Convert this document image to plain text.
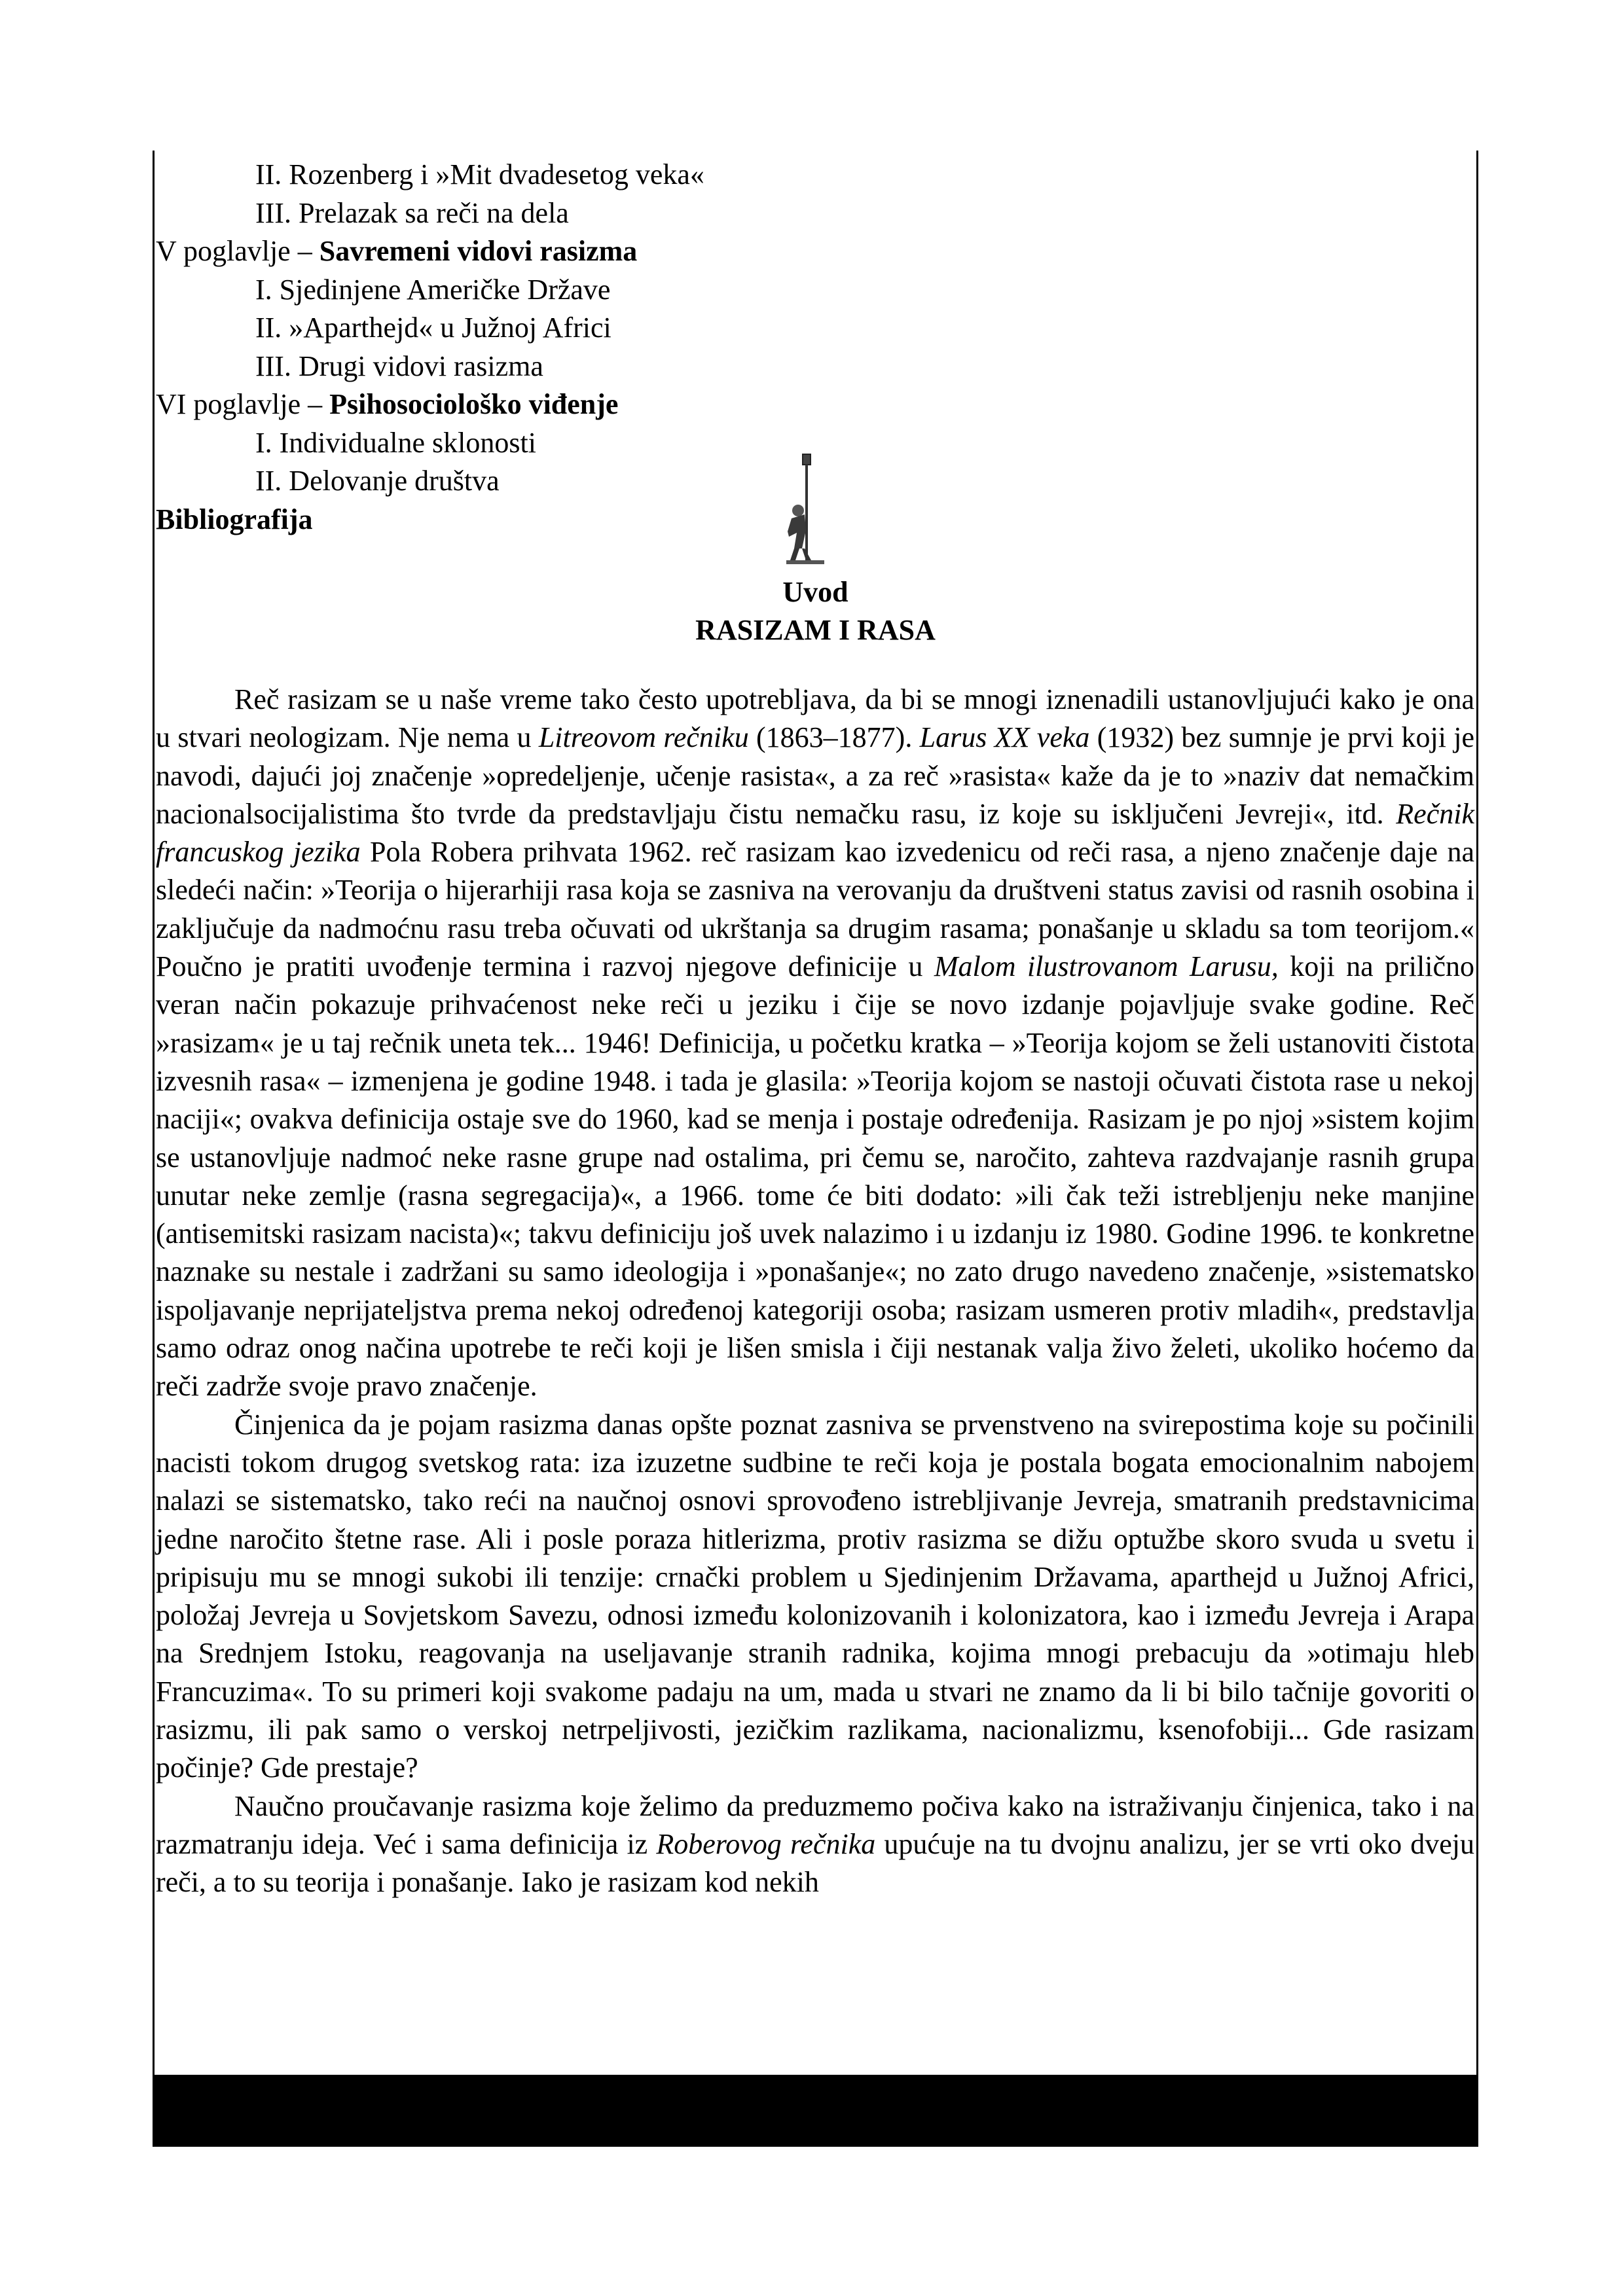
II. Rozenberg i »Mit dvadesetog veka«
III. Prelazak sa reči na dela
V poglavlje – Savremeni vidovi rasizma
I. Sjedinjene Američke Države
II. »Aparthejd« u Južnoj Africi
III. Drugi vidovi rasizma
VI poglavlje – Psihosociološko viđenje
I. Individualne sklonosti
II. Delovanje društva
Bibliografija
Uvod
RASIZAM I RASA

Reč rasizam se u naše vreme tako često upotrebljava, da bi se mnogi iznenadili ustanovljujući kako je ona u stvari neologizam. Nje nema u Litreovom rečniku (1863–1877). Larus XX veka (1932) bez sumnje je prvi koji je navodi, dajući joj značenje »opredeljenje, učenje rasista«, a za reč »rasista« kaže da je to »naziv dat nemačkim nacionalsocijalistima što tvrde da predstavljaju čistu nemačku rasu, iz koje su isključeni Jevreji«, itd. Rečnik francuskog jezika Pola Robera prihvata 1962. reč rasizam kao izvedenicu od reči rasa, a njeno značenje daje na sledeći način: »Teorija o hijerarhiji rasa koja se zasniva na verovanju da društveni status zavisi od rasnih osobina i zaključuje da nadmoćnu rasu treba očuvati od ukrštanja sa drugim rasama; ponašanje u skladu sa tom teorijom.« Poučno je pratiti uvođenje termina i razvoj njegove definicije u Malom ilustrovanom Larusu, koji na prilično veran način pokazuje prihvaćenost neke reči u jeziku i čije se novo izdanje pojavljuje svake godine. Reč »rasizam« je u taj rečnik uneta tek... 1946! Definicija, u početku kratka – »Teorija kojom se želi ustanoviti čistota izvesnih rasa« – izmenjena je godine 1948. i tada je glasila: »Teorija kojom se nastoji očuvati čistota rase u nekoj naciji«; ovakva definicija ostaje sve do 1960, kad se menja i postaje određenija. Rasizam je po njoj »sistem kojim se ustanovljuje nadmoć neke rasne grupe nad ostalima, pri čemu se, naročito, zahteva razdvajanje rasnih grupa unutar neke zemlje (rasna segregacija)«, a 1966. tome će biti dodato: »ili čak teži istrebljenju neke manjine (antisemitski rasizam nacista)«; takvu definiciju još uvek nalazimo i u izdanju iz 1980. Godine 1996. te konkretne naznake su nestale i zadržani su samo ideologija i »ponašanje«; no zato drugo navedeno značenje, »sistematsko ispoljavanje neprijateljstva prema nekoj određenoj kategoriji osoba; rasizam usmeren protiv mladih«, predstavlja samo odraz onog načina upotrebe te reči koji je lišen smisla i čiji nestanak valja živo želeti, ukoliko hoćemo da reči zadrže svoje pravo značenje.

Činjenica da je pojam rasizma danas opšte poznat zasniva se prvenstveno na svirepostima koje su počinili nacisti tokom drugog svetskog rata: iza izuzetne sudbine te reči koja je postala bogata emocionalnim nabojem nalazi se sistematsko, tako reći na naučnoj osnovi sprovođeno istrebljivanje Jevreja, smatranih predstavnicima jedne naročito štetne rase. Ali i posle poraza hitlerizma, protiv rasizma se dižu optužbe skoro svuda u svetu i pripisuju mu se mnogi sukobi ili tenzije: crnački problem u Sjedinjenim Državama, aparthejd u Južnoj Africi, položaj Jevreja u Sovjetskom Savezu, odnosi između kolonizovanih i kolonizatora, kao i između Jevreja i Arapa na Srednjem Istoku, reagovanja na useljavanje stranih radnika, kojima mnogi prebacuju da »otimaju hleb Francuzima«. To su primeri koji svakome padaju na um, mada u stvari ne znamo da li bi bilo tačnije govoriti o rasizmu, ili pak samo o verskoj netrpeljivosti, jezičkim razlikama, nacionalizmu, ksenofobiji... Gde rasizam počinje? Gde prestaje?

Naučno proučavanje rasizma koje želimo da preduzmemo počiva kako na istraživanju činjenica, tako i na razmatranju ideja. Već i sama definicija iz Roberovog rečnika upućuje na tu dvojnu analizu, jer se vrti oko dveju reči, a to su teorija i ponašanje. Iako je rasizam kod nekih
